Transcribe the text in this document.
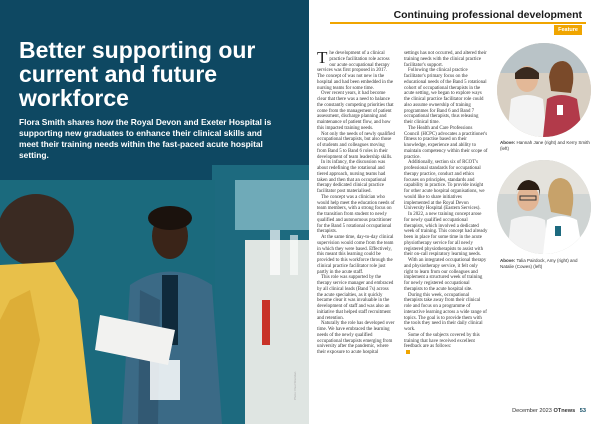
Better supporting our current and future workforce
Flora Smith shares how the Royal Devon and Exeter Hospital is supporting new graduates to enhance their clinical skills and meet their training needs within the fast-paced acute hospital setting.
Photo: Paul Sheridan
Continuing professional development
Feature
T he development of a clinical practice facilitation role across our acute occupational therapy services was first proposed in 2017. The concept of was not new in the hospital and had been embedded in the nursing teams for some time.

Over recent years, it had become clear that there was a need to balance the constantly competing priorities that come from the management of patient assessment, discharge planning and maintenance of patient flow, and how this impacted training needs.

Not only the needs of newly qualified occupational therapists, but also those of students and colleagues moving from Band 5 to Band 6 roles in their development of team leadership skills.

In its infancy, the discussion was about redefining the rotational and tiered approach, nursing teams had taken and then that an occupational therapy dedicated clinical practice facilitator post materialised.

The concept was a clinician who would help meet the education needs of team members, with a strong focus on the transition from student to newly qualified and autonomous practitioner for the Band 5 rotational occupational therapists.

At the same time, day-to-day clinical supervision would come from the team in which they were based. Effectively, this meant this learning could be provided to this workforce through the clinical practice facilitator role just partly in the acute staff.

This role was supported by the therapy service manager and embraced by all clinical leads (Band 7s) across the acute specialties, as it quickly became clear it was invaluable in the development of staff and was also an initiative that helped staff recruitment and retention.

Naturally the role has developed over time. We have embraced the learning needs of the newly qualified occupational therapists emerging from university after the pandemic, where their exposure to acute hospital

settings has not occurred, and altered their training needs with the clinical practice facilitator's support.

Following the clinical practice facilitator's primary focus on the educational needs of the Band 5 rotational cohort of occupational therapists in the acute setting, we began to explore ways the clinical practice facilitator role could also assume ownership of training programmes for Band 6 and Band 7 occupational therapists, thus releasing their clinical time.

The Health and Care Professions Council (HCPC) advocates a practitioner's fitness to practise based on their knowledge, experience and ability to maintain competency within their scope of practice.

Additionally, section six of RCOT's professional standards for occupational therapy practice, conduct and ethics focuses on principles, standards and capability in practice. To provide insight for other acute hospital organisations, we would like to share initiatives implemented at the Royal Devon University Hospital (Eastern Services).

In 2022, a new training concept arose for newly qualified occupational therapists, which involved a dedicated week of training. This concept had already been in place for some time in the acute physiotherapy service for all newly registered physiotherapists to assist with their on-call respiratory learning needs.

With an integrated occupational therapy and physiotherapy service, it felt only right to learn from our colleagues and implement a structured week of training for newly registered occupational therapists to the acute hospital site.

During this week, occupational therapists take away from their clinical role and focus on a programme of interactive learning across a wide range of topics. The goal is to provide them with the tools they need in their daily clinical work.

Some of the subjects covered by this training that have received excellent feedback are as follows:

Above: Hannah Jane (right) and Kerry Smith (left)
Above: Talia Pairdock, Amy (right) and Natalie (Cowes) (left)
December 2023 OTnews 53
